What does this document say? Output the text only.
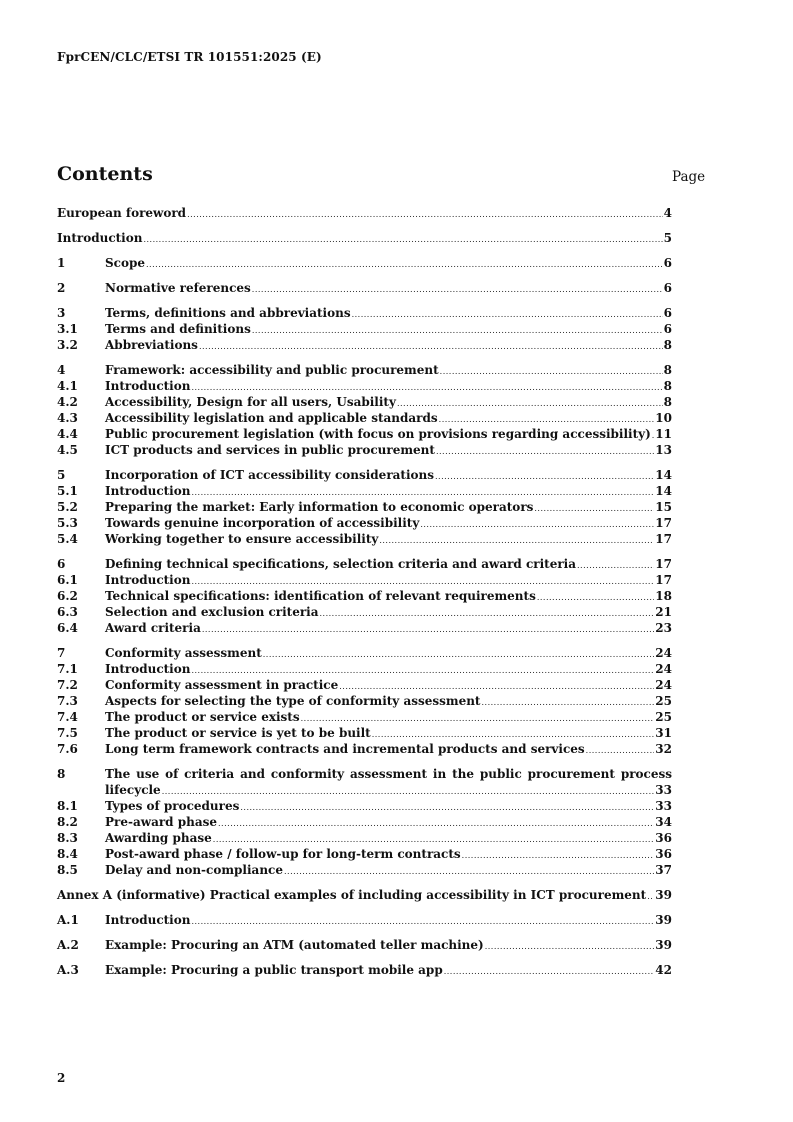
FprCEN/CLC/ETSI TR 101551:2025 (E)
Contents	Page
European foreword .....	4
Introduction .....	5
1	Scope .....	6
2	Normative references .....	6
3	Terms, definitions and abbreviations .....	6
3.1	Terms and definitions .....	6
3.2	Abbreviations .....	8
4	Framework: accessibility and public procurement .....	8
4.1	Introduction .....	8
4.2	Accessibility, Design for all users, Usability .....	8
4.3	Accessibility legislation and applicable standards .....	10
4.4	Public procurement legislation (with focus on provisions regarding accessibility) ..... 11
4.5	ICT products and services in public procurement .....	13
5	Incorporation of ICT accessibility considerations .....	14
5.1	Introduction .....	14
5.2	Preparing the market: Early information to economic operators .....	15
5.3	Towards genuine incorporation of accessibility .....	17
5.4	Working together to ensure accessibility .....	17
6	Defining technical specifications, selection criteria and award criteria .....	17
6.1	Introduction .....	17
6.2	Technical specifications: identification of relevant requirements .....	18
6.3	Selection and exclusion criteria .....	21
6.4	Award criteria .....	23
7	Conformity assessment .....	24
7.1	Introduction .....	24
7.2	Conformity assessment in practice .....	24
7.3	Aspects for selecting the type of conformity assessment .....	25
7.4	The product or service exists .....	25
7.5	The product or service is yet to be built .....	31
7.6	Long term framework contracts and incremental products and services .....	32
8	The use of criteria and conformity assessment in the public procurement process
lifecycle .....	33
8.1	Types of procedures .....	33
8.2	Pre-award phase .....	34
8.3	Awarding phase .....	36
8.4	Post-award phase / follow-up for long-term contracts .....	36
8.5	Delay and non-compliance .....	37
Annex A (informative) Practical examples of including accessibility in ICT procurement ..... 39
A.1	Introduction .....	39
A.2	Example: Procuring an ATM (automated teller machine) .....	39
A.3	Example: Procuring a public transport mobile app .....	42
2
